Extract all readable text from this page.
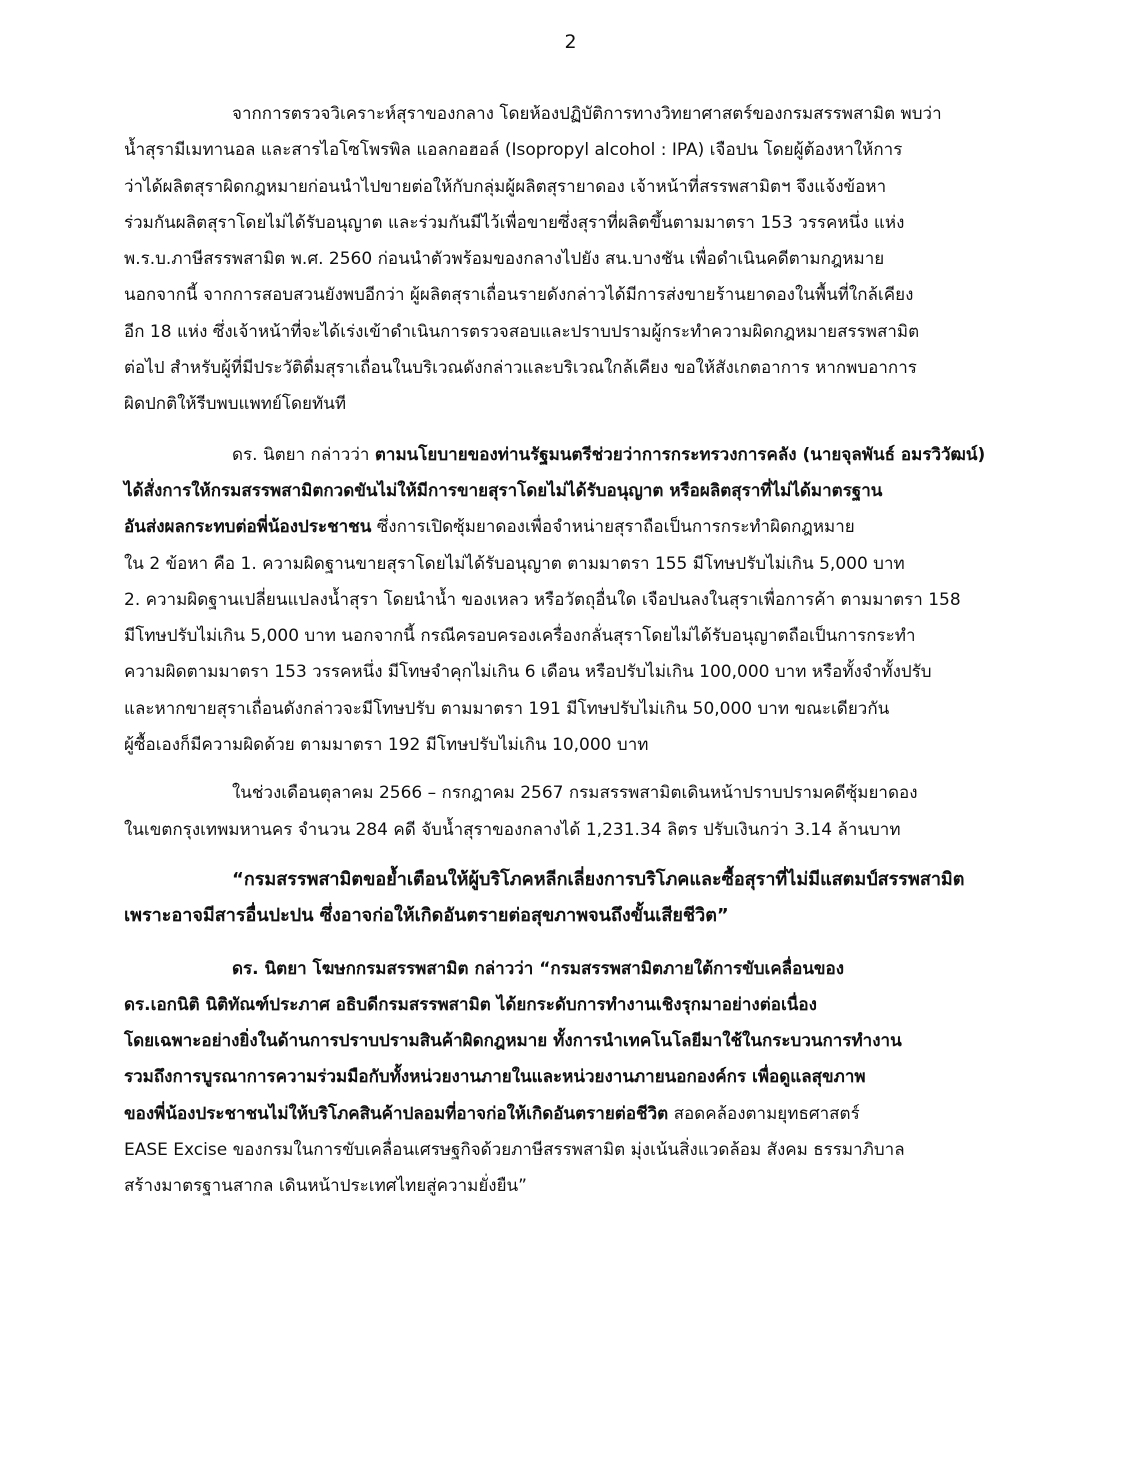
2

จากการตรวจวิเคราะห์สุราของกลาง โดยห้องปฏิบัติการทางวิทยาศาสตร์ของกรมสรรพสามิต พบว่า
น้ำสุรามีเมทานอล และสารไอโซโพรพิล แอลกอฮอล์ (Isopropyl alcohol : IPA) เจือปน โดยผู้ต้องหาให้การ
ว่าได้ผลิตสุราผิดกฎหมายก่อนนำไปขายต่อให้กับกลุ่มผู้ผลิตสุรายาดอง เจ้าหน้าที่สรรพสามิตฯ จึงแจ้งข้อหา
ร่วมกันผลิตสุราโดยไม่ได้รับอนุญาต และร่วมกันมีไว้เพื่อขายซึ่งสุราที่ผลิตขึ้นตามมาตรา 153 วรรคหนึ่ง แห่ง
พ.ร.บ.ภาษีสรรพสามิต พ.ศ. 2560 ก่อนนำตัวพร้อมของกลางไปยัง สน.บางชัน เพื่อดำเนินคดีตามกฎหมาย
นอกจากนี้ จากการสอบสวนยังพบอีกว่า ผู้ผลิตสุราเถื่อนรายดังกล่าวได้มีการส่งขายร้านยาดองในพื้นที่ใกล้เคียง
อีก 18 แห่ง ซึ่งเจ้าหน้าที่จะได้เร่งเข้าดำเนินการตรวจสอบและปราบปรามผู้กระทำความผิดกฎหมายสรรพสามิต
ต่อไป สำหรับผู้ที่มีประวัติดื่มสุราเถื่อนในบริเวณดังกล่าวและบริเวณใกล้เคียง ขอให้สังเกตอาการ หากพบอาการ
ผิดปกติให้รีบพบแพทย์โดยทันที

ดร. นิตยา กล่าวว่า ตามนโยบายของท่านรัฐมนตรีช่วยว่าการกระทรวงการคลัง (นายจุลพันธ์ อมรวิวัฒน์)
ได้สั่งการให้กรมสรรพสามิตกวดขันไม่ให้มีการขายสุราโดยไม่ได้รับอนุญาต หรือผลิตสุราที่ไม่ได้มาตรฐาน
อันส่งผลกระทบต่อพี่น้องประชาชน ซึ่งการเปิดซุ้มยาดองเพื่อจำหน่ายสุราถือเป็นการกระทำผิดกฎหมาย
ใน 2 ข้อหา คือ 1. ความผิดฐานขายสุราโดยไม่ได้รับอนุญาต ตามมาตรา 155 มีโทษปรับไม่เกิน 5,000 บาท
2. ความผิดฐานเปลี่ยนแปลงน้ำสุรา โดยนำน้ำ ของเหลว หรือวัตถุอื่นใด เจือปนลงในสุราเพื่อการค้า ตามมาตรา 158
มีโทษปรับไม่เกิน 5,000 บาท นอกจากนี้ กรณีครอบครองเครื่องกลั่นสุราโดยไม่ได้รับอนุญาตถือเป็นการกระทำ
ความผิดตามมาตรา 153 วรรคหนึ่ง มีโทษจำคุกไม่เกิน 6 เดือน หรือปรับไม่เกิน 100,000 บาท หรือทั้งจำทั้งปรับ
และหากขายสุราเถื่อนดังกล่าวจะมีโทษปรับ ตามมาตรา 191 มีโทษปรับไม่เกิน 50,000 บาท ขณะเดียวกัน
ผู้ซื้อเองก็มีความผิดด้วย ตามมาตรา 192 มีโทษปรับไม่เกิน 10,000 บาท

ในช่วงเดือนตุลาคม 2566 – กรกฎาคม 2567 กรมสรรพสามิตเดินหน้าปราบปรามคดีซุ้มยาดอง
ในเขตกรุงเทพมหานคร จำนวน 284 คดี จับน้ำสุราของกลางได้ 1,231.34 ลิตร ปรับเงินกว่า 3.14 ล้านบาท

“กรมสรรพสามิตขอย้ำเตือนให้ผู้บริโภคหลีกเลี่ยงการบริโภคและซื้อสุราที่ไม่มีแสตมป์สรรพสามิต
เพราะอาจมีสารอื่นปะปน ซึ่งอาจก่อให้เกิดอันตรายต่อสุขภาพจนถึงขั้นเสียชีวิต”

ดร. นิตยา โฆษกกรมสรรพสามิต กล่าวว่า “กรมสรรพสามิตภายใต้การขับเคลื่อนของ
ดร.เอกนิติ นิติทัณฑ์ประภาศ อธิบดีกรมสรรพสามิต ได้ยกระดับการทำงานเชิงรุกมาอย่างต่อเนื่อง
โดยเฉพาะอย่างยิ่งในด้านการปราบปรามสินค้าผิดกฎหมาย ทั้งการนำเทคโนโลยีมาใช้ในกระบวนการทำงาน
รวมถึงการบูรณาการความร่วมมือกับทั้งหน่วยงานภายในและหน่วยงานภายนอกองค์กร เพื่อดูแลสุขภาพ
ของพี่น้องประชาชนไม่ให้บริโภคสินค้าปลอมที่อาจก่อให้เกิดอันตรายต่อชีวิต สอดคล้องตามยุทธศาสตร์
EASE Excise ของกรมในการขับเคลื่อนเศรษฐกิจด้วยภาษีสรรพสามิต มุ่งเน้นสิ่งแวดล้อม สังคม ธรรมาภิบาล
สร้างมาตรฐานสากล เดินหน้าประเทศไทยสู่ความยั่งยืน”
